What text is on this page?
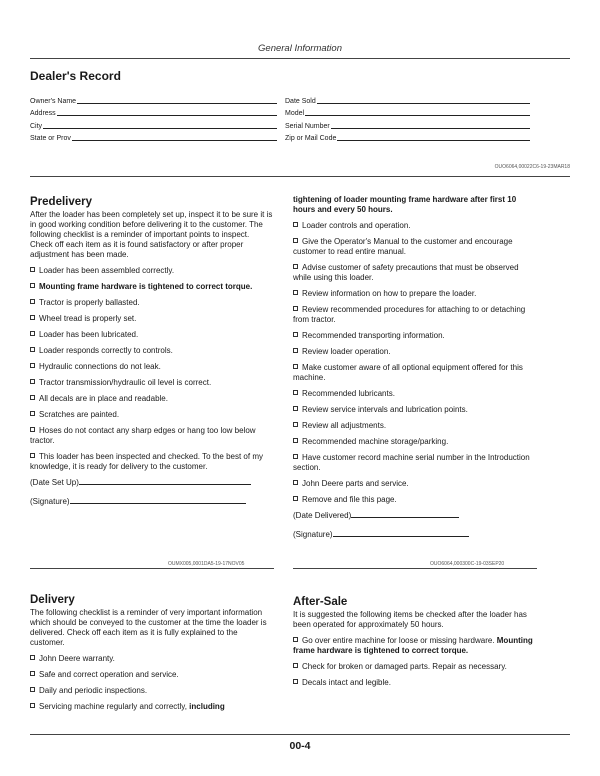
General Information
Dealer's Record
Owner's Name	Date Sold
Address	Model
City	Serial Number
State or Prov	Zip or Mail Code
OUO6064,00022C6-19-23MAR18
Predelivery
After the loader has been completely set up, inspect it to be sure it is in good working condition before delivering it to the customer. The following checklist is a reminder of important points to inspect. Check off each item as it is found satisfactory or after proper adjustment has been made.
Loader has been assembled correctly.
Mounting frame hardware is tightened to correct torque.
Tractor is properly ballasted.
Wheel tread is properly set.
Loader has been lubricated.
Loader responds correctly to controls.
Hydraulic connections do not leak.
Tractor transmission/hydraulic oil level is correct.
All decals are in place and readable.
Scratches are painted.
Hoses do not contact any sharp edges or hang too low below tractor.
This loader has been inspected and checked. To the best of my knowledge, it is ready for delivery to the customer.
(Date Set Up)
(Signature)
OUMX005,0001DA5-19-17NOV05
tightening of loader mounting frame hardware after first 10 hours and every 50 hours.
Loader controls and operation.
Give the Operator's Manual to the customer and encourage customer to read entire manual.
Advise customer of safety precautions that must be observed while using this loader.
Review information on how to prepare the loader.
Review recommended procedures for attaching to or detaching from tractor.
Recommended transporting information.
Review loader operation.
Make customer aware of all optional equipment offered for this machine.
Recommended lubricants.
Review service intervals and lubrication points.
Review all adjustments.
Recommended machine storage/parking.
Have customer record machine serial number in the Introduction section.
John Deere parts and service.
Remove and file this page.
(Date Delivered)
(Signature)
OUO6064,000300C-19-03SEP20
Delivery
The following checklist is a reminder of very important information which should be conveyed to the customer at the time the loader is delivered. Check off each item as it is fully explained to the customer.
John Deere warranty.
Safe and correct operation and service.
Daily and periodic inspections.
Servicing machine regularly and correctly, including
After-Sale
It is suggested the following items be checked after the loader has been operated for approximately 50 hours.
Go over entire machine for loose or missing hardware. Mounting frame hardware is tightened to correct torque.
Check for broken or damaged parts. Repair as necessary.
Decals intact and legible.
00-4
